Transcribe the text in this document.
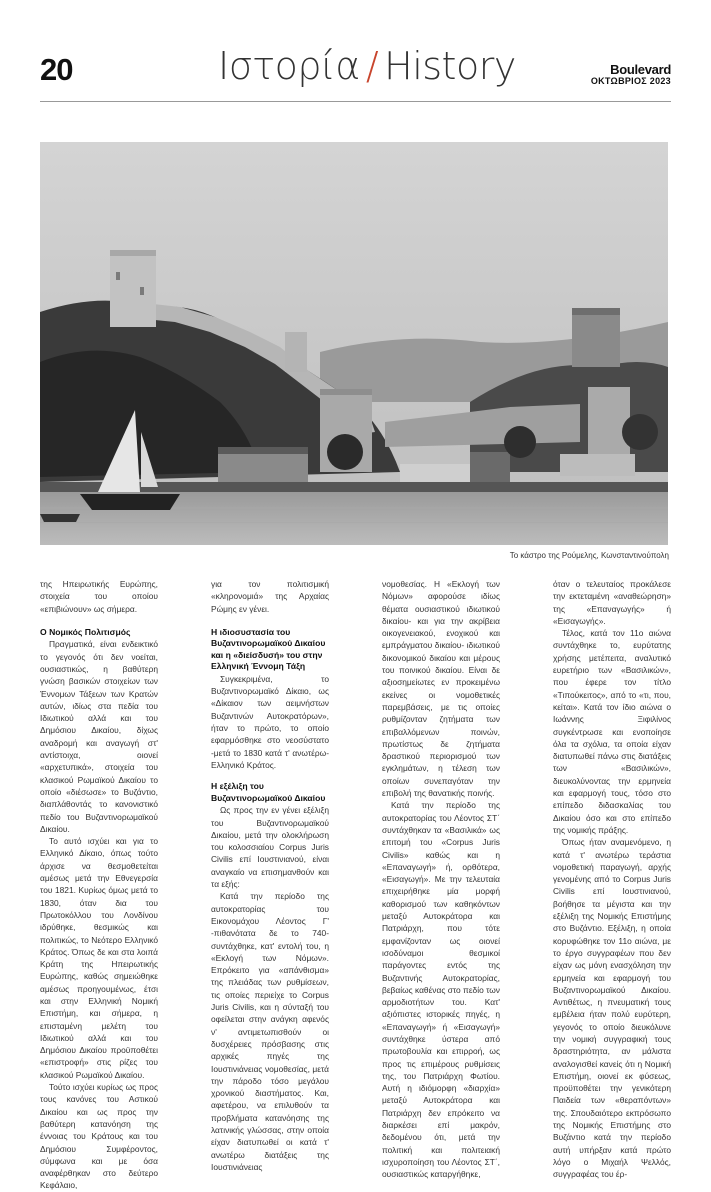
20	Ιστορία / History	Boulevard
ΟΚΤΩΒΡΙΟΣ 2023
Το κάστρο της Ρούμελης, Κωνσταντινούπολη

της Ηπειρωτικής Ευρώπης, στοιχεία του οποίου «επιβιώνουν» ως σήμερα.

Ο Νομικός Πολιτισμός

Πραγματικά, είναι ενδεικτικό το γεγονός ότι δεν νοείται, ουσιαστικώς, η βαθύτερη γνώση βασικών στοιχείων των Έννομων Τάξεων των Κρατών αυτών, ιδίως στα πεδία του Ιδιωτικού αλλά και του Δημόσιου Δικαίου, δίχως αναδρομή και αναγωγή στ' αντίστοιχα, οιονεί «αρχετυπικά», στοιχεία του κλασικού Ρωμαϊκού Δικαίου το οποίο «διέσωσε» το Βυζάντιο, διαπλάθοντάς το κανονιστικό πεδίο του Βυζαντινορωμαϊκού Δικαίου.

Το αυτό ισχύει και για το Ελληνικό Δίκαιο, όπως τούτο άρχισε να θεσμοθετείται αμέσως μετά την Εθνεγερσία του 1821. Κυρίως όμως μετά το 1830, όταν δια του Πρωτοκόλλου του Λονδίνου ιδρύθηκε, θεσμικώς και πολιτικώς, το Νεότερο Ελληνικό Κράτος. Όπως δε και στα λοιπά Κράτη της Ηπειρωτικής Ευρώπης, καθώς σημειώθηκε αμέσως προηγουμένως, έτσι και στην Ελληνική Νομική Επιστήμη, και σήμερα, η επισταμένη μελέτη του Ιδιωτικού αλλά και του Δημόσιου Δικαίου προϋποθέτει «επιστροφή» στις ρίζες του κλασικού Ρωμαϊκού Δικαίου.

Τούτο ισχύει κυρίως ως προς τους κανόνες του Αστικού Δικαίου και ως προς την βαθύτερη κατανόηση της έννοιας του Κράτους και του Δημόσιου Συμφέροντος, σύμφωνα και με όσα αναφέρθηκαν στο δεύτερο Κεφάλαιο,

για τον πολιτισμική «κληρονομιά» της Αρχαίας Ρώμης εν γένει.

Η ιδιοσυστασία του Βυζαντινορωμαϊκού Δικαίου και η «διείσδυσή» του στην Ελληνική Έννομη Τάξη

Συγκεκριμένα, το Βυζαντινορωμαϊκό Δίκαιο, ως «Δίκαιον των αειμνήστων Βυζαντινών Αυτοκρατόρων», ήταν το πρώτο, το οποίο εφαρμόσθηκε στο νεοσύστατο -μετά το 1830 κατά τ' ανωτέρω- Ελληνικό Κράτος.

Η εξέλιξη του Βυζαντινορωμαϊκού Δικαίου

Ως προς την εν γένει εξέλιξη του Βυζαντινορωμαϊκού Δικαίου, μετά την ολοκλήρωση του κολοσσιαίου Corpus Juris Civilis επί Ιουστινιανού, είναι αναγκαίο να επισημανθούν και τα εξής:

Κατά την περίοδο της αυτοκρατορίας του Εικονομάχου Λέοντος Γ' -πιθανότατα δε το 740- συντάχθηκε, κατ' εντολή του, η «Εκλογή των Νόμων». Επρόκειτο για «απάνθισμα» της πλειάδας των ρυθμίσεων, τις οποίες περιείχε το Corpus Juris Civilis, και η σύνταξή του οφείλεται στην ανάγκη αφενός ν' αντιμετωπισθούν οι δυσχέρειες πρόσβασης στις αρχικές πηγές της Ιουστινιάνειας νομοθεσίας, μετά την πάροδο τόσο μεγάλου χρονικού διαστήματος. Και, αφετέρου, να επιλυθούν τα προβλήματα κατανόησης της λατινικής γλώσσας, στην οποία είχαν διατυπωθεί οι κατά τ' ανωτέρω διατάξεις της Ιουστινιάνειας

νομοθεσίας. Η «Εκλογή των Νόμων» αφορούσε ιδίως θέματα ουσιαστικού ιδιωτικού δικαίου- και για την ακρίβεια οικογενειακού, ενοχικού και εμπράγματου δικαίου- ιδιωτικού δικονομικού δικαίου και μέρους του ποινικού δικαίου. Είναι δε αξιοσημείωτες εν προκειμένω εκείνες οι νομοθετικές παρεμβάσεις, με τις οποίες ρυθμίζονταν ζητήματα των επιβαλλόμενων ποινών, πρωτίστως δε ζητήματα δραστικού περιορισμού των εγκλημάτων, η τέλεση των οποίων συνεπαγόταν την επιβολή της θανατικής ποινής.

Κατά την περίοδο της αυτοκρατορίας του Λέοντος ΣΤ΄ συντάχθηκαν τα «Βασιλικά» ως επιτομή του «Corpus Juris Civilis» καθώς και η «Επαναγωγή» ή, ορθότερα, «Εισαγωγή». Με την τελευταία επιχειρήθηκε μία μορφή καθορισμού των καθηκόντων μεταξύ Αυτοκράτορα και Πατριάρχη, που τότε εμφανίζονταν ως οιονεί ισοδύναμοι θεσμικοί παράγοντες εντός της Βυζαντινής Αυτοκρατορίας, βεβαίως καθένας στο πεδίο των αρμοδιοτήτων του. Κατ' αξιόπιστες ιστορικές πηγές, η «Επαναγωγή» ή «Εισαγωγή» συντάχθηκε ύστερα από πρωτοβουλία και επιρροή, ως προς τις επιμέρους ρυθμίσεις της, του Πατριάρχη Φωτίου. Αυτή η ιδιόμορφη «διαρχία» μεταξύ Αυτοκράτορα και Πατριάρχη δεν επρόκειτο να διαρκέσει επί μακρόν, δεδομένου ότι, μετά την πολιτική και πολιτειακή ισχυροποίηση του Λέοντος ΣΤ΄, ουσιαστικώς καταργήθηκε,

όταν ο τελευταίος προκάλεσε την εκτεταμένη «αναθεώρηση» της «Επαναγωγής» ή «Εισαγωγής».

Τέλος, κατά τον 11ο αιώνα συντάχθηκε το, ευρύτατης χρήσης μετέπειτα, αναλυτικό ευρετήριο των «Βασιλικών», που έφερε τον τίτλο «Τιπούκειτος», από το «τι, που, κείται». Κατά τον ίδιο αιώνα ο Ιωάννης Ξιφιλίνος συγκέντρωσε και ενοποίησε όλα τα σχόλια, τα οποία είχαν διατυπωθεί πάνω στις διατάξεις των «Βασιλικών», διευκολύνοντας την ερμηνεία και εφαρμογή τους, τόσο στο επίπεδο διδασκαλίας του Δικαίου όσο και στο επίπεδο της νομικής πράξης.

Όπως ήταν αναμενόμενο, η κατά τ' ανωτέρω τεράστια νομοθετική παραγωγή, αρχής γενομένης από το Corpus Juris Civilis επί Ιουστινιανού, βοήθησε τα μέγιστα και την εξέλιξη της Νομικής Επιστήμης στο Βυζάντιο. Εξέλιξη, η οποία κορυφώθηκε τον 11ο αιώνα, με το έργο συγγραφέων που δεν είχαν ως μόνη ενασχόληση την ερμηνεία και εφαρμογή του Βυζαντινορωμαϊκού Δικαίου. Αντιθέτως, η πνευματική τους εμβέλεια ήταν πολύ ευρύτερη, γεγονός το οποίο διευκόλυνε την νομική συγγραφική τους δραστηριότητα, αν μάλιστα αναλογισθεί κανείς ότι η Νομική Επιστήμη, οιονεί εκ φύσεως, προϋποθέτει την γενικότερη Παιδεία των «θεραπόντων» της. Σπουδαιότερο εκπρόσωπο της Νομικής Επιστήμης στο Βυζάντιο κατά την περίοδο αυτή υπήρξαν κατά πρώτο λόγο ο Μιχαήλ Ψελλός, συγγραφέας του έρ-
